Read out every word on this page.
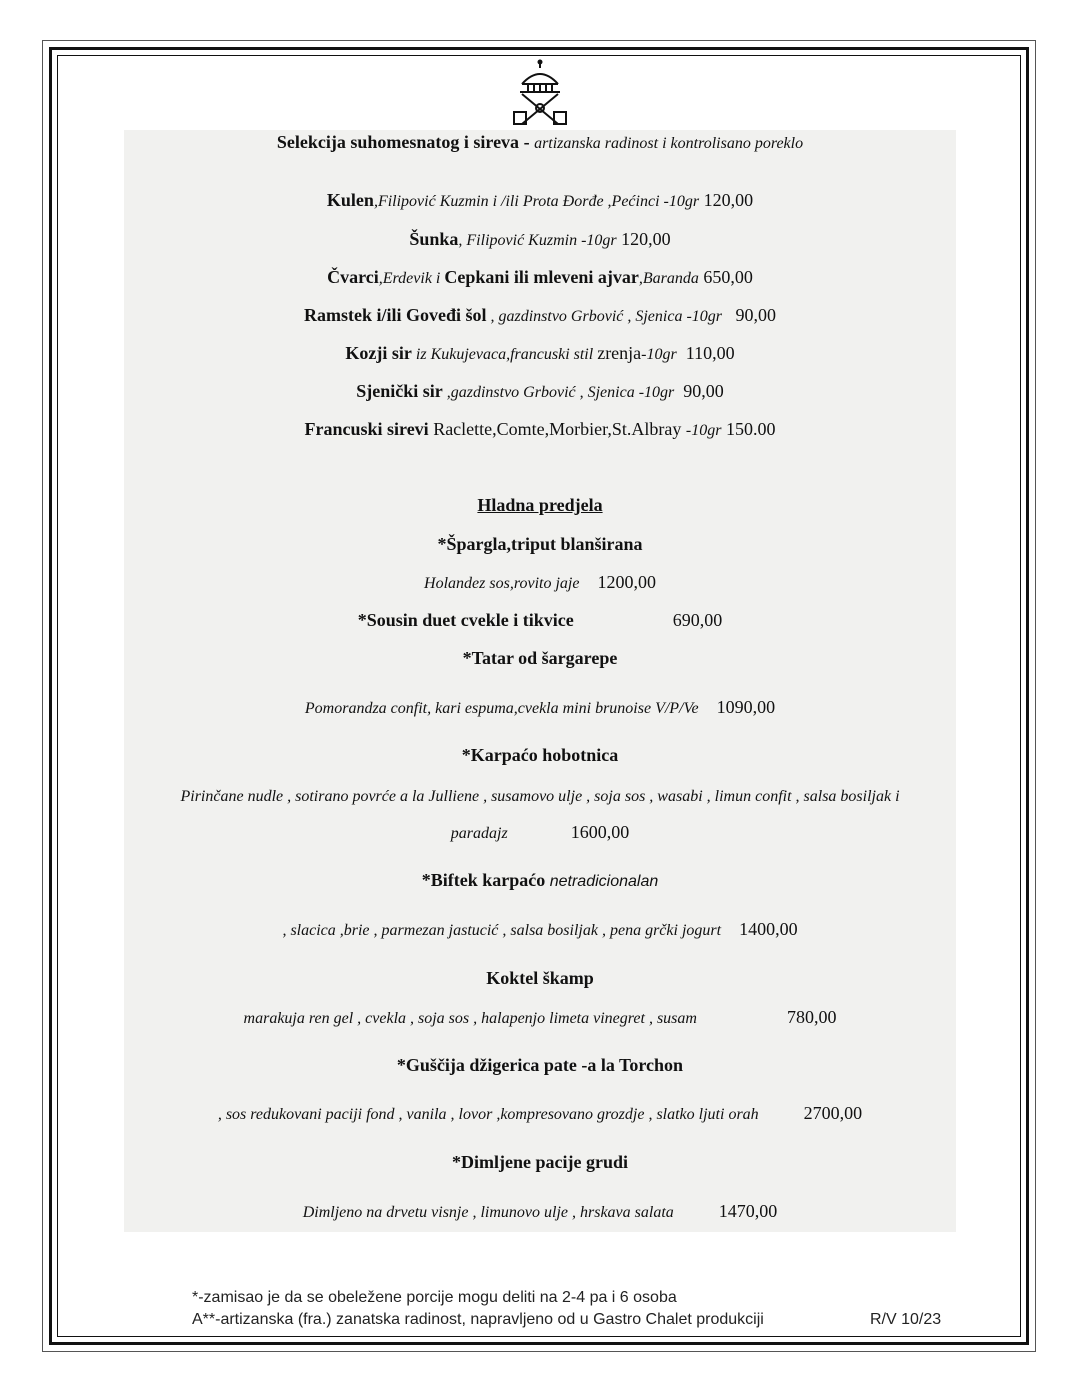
Selekcija suhomesnatog i sireva - artizanska radinost i kontrolisano poreklo
Kulen,Filipović Kuzmin i /ili Prota Đorđe ,Pećinci -10gr 120,00
Šunka, Filipović Kuzmin -10gr 120,00
Čvarci,Erdevik i Cepkani ili mleveni ajvar,Baranda 650,00
Ramstek i/ili Goveđi šol , gazdinstvo Grbović , Sjenica -10gr 90,00
Kozji sir iz Kukujevaca,francuski stil zrenja-10gr 110,00
Sjenički sir ,gazdinstvo Grbović , Sjenica -10gr 90,00
Francuski sirevi Raclette,Comte,Morbier,St.Albray -10gr 150.00
Hladna predjela
*Špargla,triput blanširana
Holandez sos,rovito jaje 1200,00
*Sousin duet cvekle i tikvice	690,00
*Tatar od šargarepe
Pomorandza confit, kari espuma,cvekla mini brunoise V/P/Ve 1090,00
*Karpaćo hobotnica
Pirinčane nudle , sotirano povrće a la Julliene , susamovo ulje , soja sos , wasabi , limun confit , salsa bosiljak i
paradajz	1600,00
*Biftek karpaćo netradicionalan
, slacica ,brie , parmezan jastucić , salsa bosiljak , pena grčki jogurt 1400,00
Koktel škamp
marakuja ren gel , cvekla , soja sos , halapenjo limeta vinegret , susam	780,00
*Guščija džigerica pate -a la Torchon
, sos redukovani paciji fond , vanila , lovor ,kompresovano grozdje , slatko ljuti orah	2700,00
*Dimljene pacije grudi
Dimljeno na drvetu visnje , limunovo ulje , hrskava salata	1470,00
*-zamisao je da se obeležene porcije mogu deliti na 2-4 pa i 6 osoba
A**-artizanska (fra.) zanatska radinost, napravljeno od u Gastro Chalet produkciji	R/V 10/23
